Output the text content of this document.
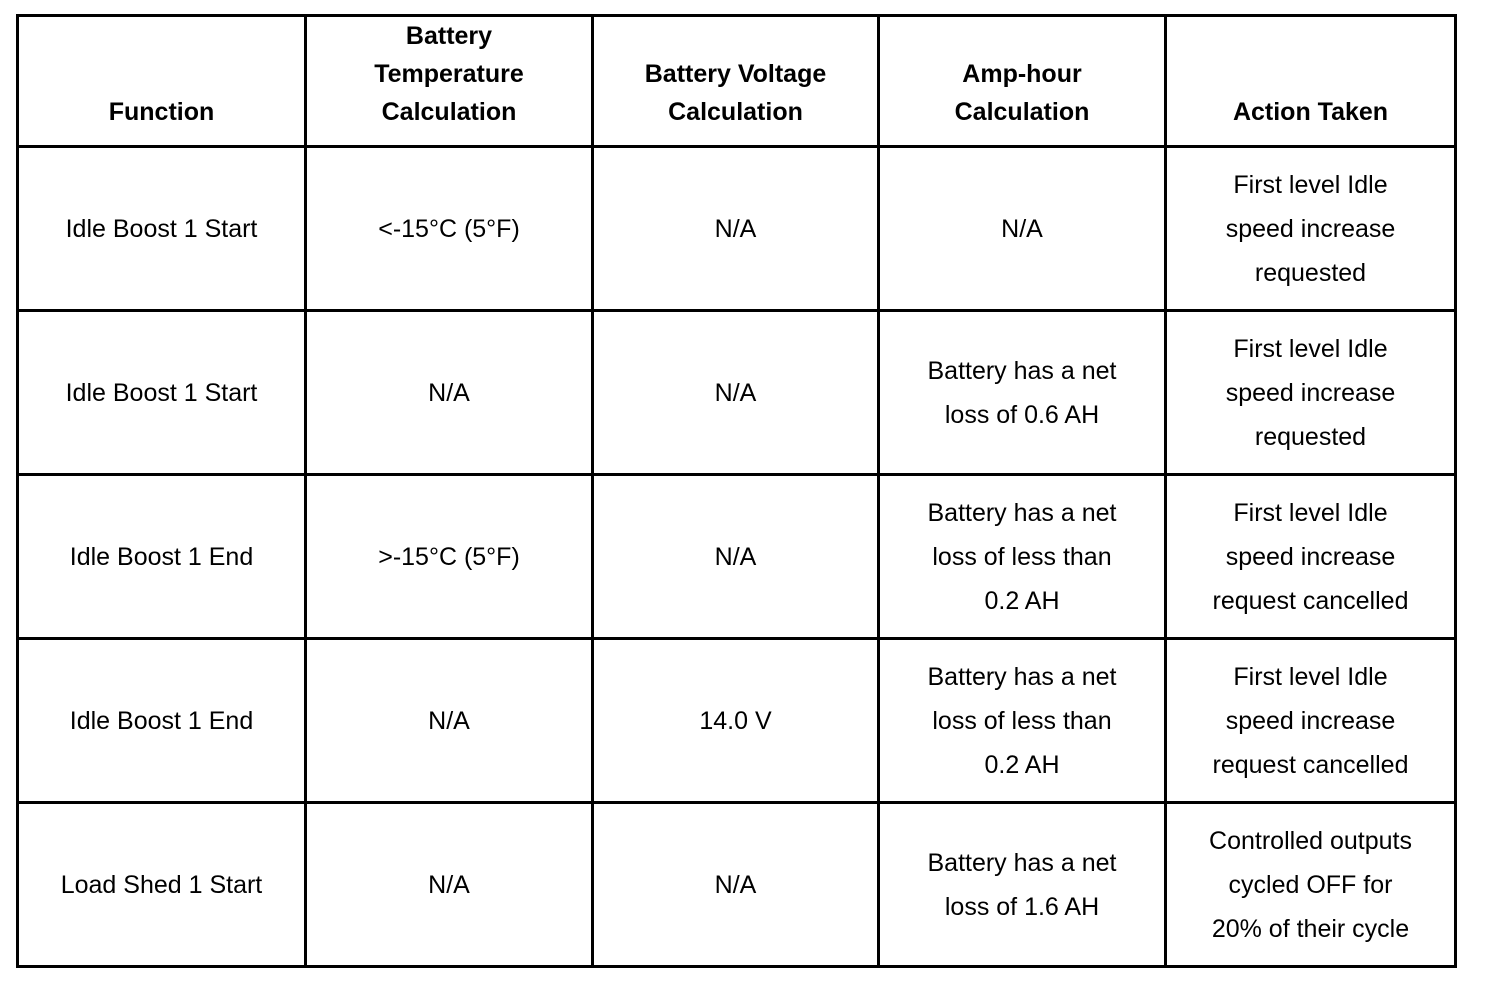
Function	Battery
Temperature
Calculation	Battery Voltage
Calculation	Amp-hour
Calculation	Action Taken

Idle Boost 1 Start	<-15°C (5°F)	N/A	N/A	First level Idle
speed increase
requested

Idle Boost 1 Start	N/A	N/A	Battery has a net
loss of 0.6 AH	First level Idle
speed increase
requested

Idle Boost 1 End	>-15°C (5°F)	N/A	Battery has a net
loss of less than
0.2 AH	First level Idle
speed increase
request cancelled

Idle Boost 1 End	N/A	14.0 V	Battery has a net
loss of less than
0.2 AH	First level Idle
speed increase
request cancelled

Load Shed 1 Start	N/A	N/A	Battery has a net
loss of 1.6 AH	Controlled outputs
cycled OFF for
20% of their cycle
